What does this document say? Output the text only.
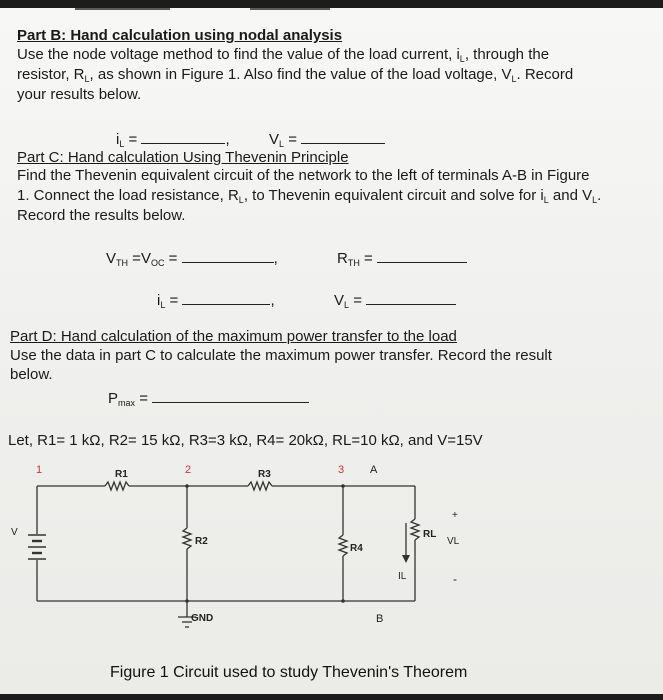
Part B: Hand calculation using nodal analysis
Use the node voltage method to find the value of the load current, $i_L$, through the
resistor, $R_L$, as shown in Figure 1. Also find the value of the load voltage, $V_L$. Record
your results below.
$i_L$ =	,	$V_L$ =
Part C: Hand calculation Using Thevenin Principle
Find the Thevenin equivalent circuit of the network to the left of terminals A-B in Figure
1. Connect the load resistance, $R_L$, to Thevenin equivalent circuit and solve for $i_L$ and $V_L$.
Record the results below.
$V_{TH} =V_{OC}$ =	,	$R_{TH}$ =
$i_L$ =	,	$V_L$ =
Part D: Hand calculation of the maximum power transfer to the load
Use the data in part C to calculate the maximum power transfer. Record the result
below.
$P_{max}$ =
Let, R1= 1 kΩ, R2= 15 kΩ, R3=3 kΩ, R4= 20kΩ, RL=10 kΩ, and V=15V
1	2	3 A
R1	R3
R2
R4
RL
VL
IL
V
+
-
B
GND
Figure 1 Circuit used to study Thevenin's Theorem
